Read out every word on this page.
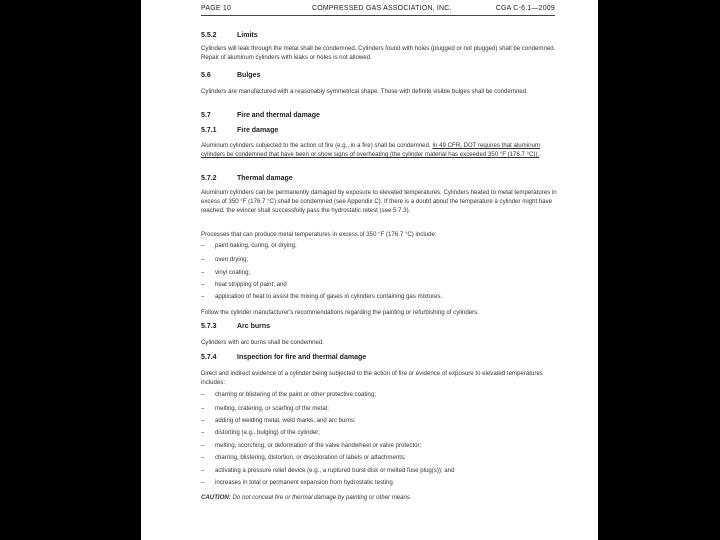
PAGE 10	COMPRESSED GAS ASSOCIATION, INC.	CGA C-6.1—2009
5.5.2	Limits
Cylinders will leak through the metal shall be condemned. Cylinders found with holes (plugged or not plugged) shall be condemned. Repair of aluminum cylinders with leaks or holes is not allowed.
5.6	Bulges
Cylinders are manufactured with a reasonably symmetrical shape. Those with definite visible bulges shall be condemned.
5.7	Fire and thermal damage
5.7.1	Fire damage
Aluminum cylinders subjected to the action of fire (e.g., in a fire) shall be condemned. In 49 CFR, DOT requires that aluminum cylinders be condemned that have been or show signs of overheating (the cylinder material has exceeded 350 °F (176.7 °C)).
5.7.2	Thermal damage
Aluminum cylinders can be permanently damaged by exposure to elevated temperatures. Cylinders heated to metal temperatures in excess of 350 °F (176.7 °C) shall be condemned (see Appendix C). If there is a doubt about the temperature a cylinder might have reached, the evincer shall successfully pass the hydrostatic retest (see 5.7.3).
Processes that can produce metal temperatures in excess of 350 °F (176.7 °C) include:
– paint baking, curing, or drying;
– oven drying;
– vinyl coating;
– heat stripping of paint; and
– application of heat to assist the mixing of gases in cylinders containing gas mixtures.
Follow the cylinder manufacturer's recommendations regarding the painting or refurbishing of cylinders.
5.7.3	Arc burns
Cylinders with arc burns shall be condemned.
5.7.4	Inspection for fire and thermal damage
Direct and indirect evidence of a cylinder being subjected to the action of fire or evidence of exposure to elevated temperatures includes:
– charring or blistering of the paint or other protective coating;
– melting, cratering, or scarfing of the metal;
– adding of welding metal, weld marks, and arc burns;
– distorting (e.g., bulging) of the cylinder;
– melting, scorching, or deformation of the valve handwheel or valve protector;
– charring, blistering, distortion, or discoloration of labels or attachments;
– activating a pressure relief device (e.g., a ruptured burst disk or melted fuse plug(s)); and
– increases in total or permanent expansion from hydrostatic testing.
CAUTION: Do not conceal fire or thermal damage by painting or other means.
